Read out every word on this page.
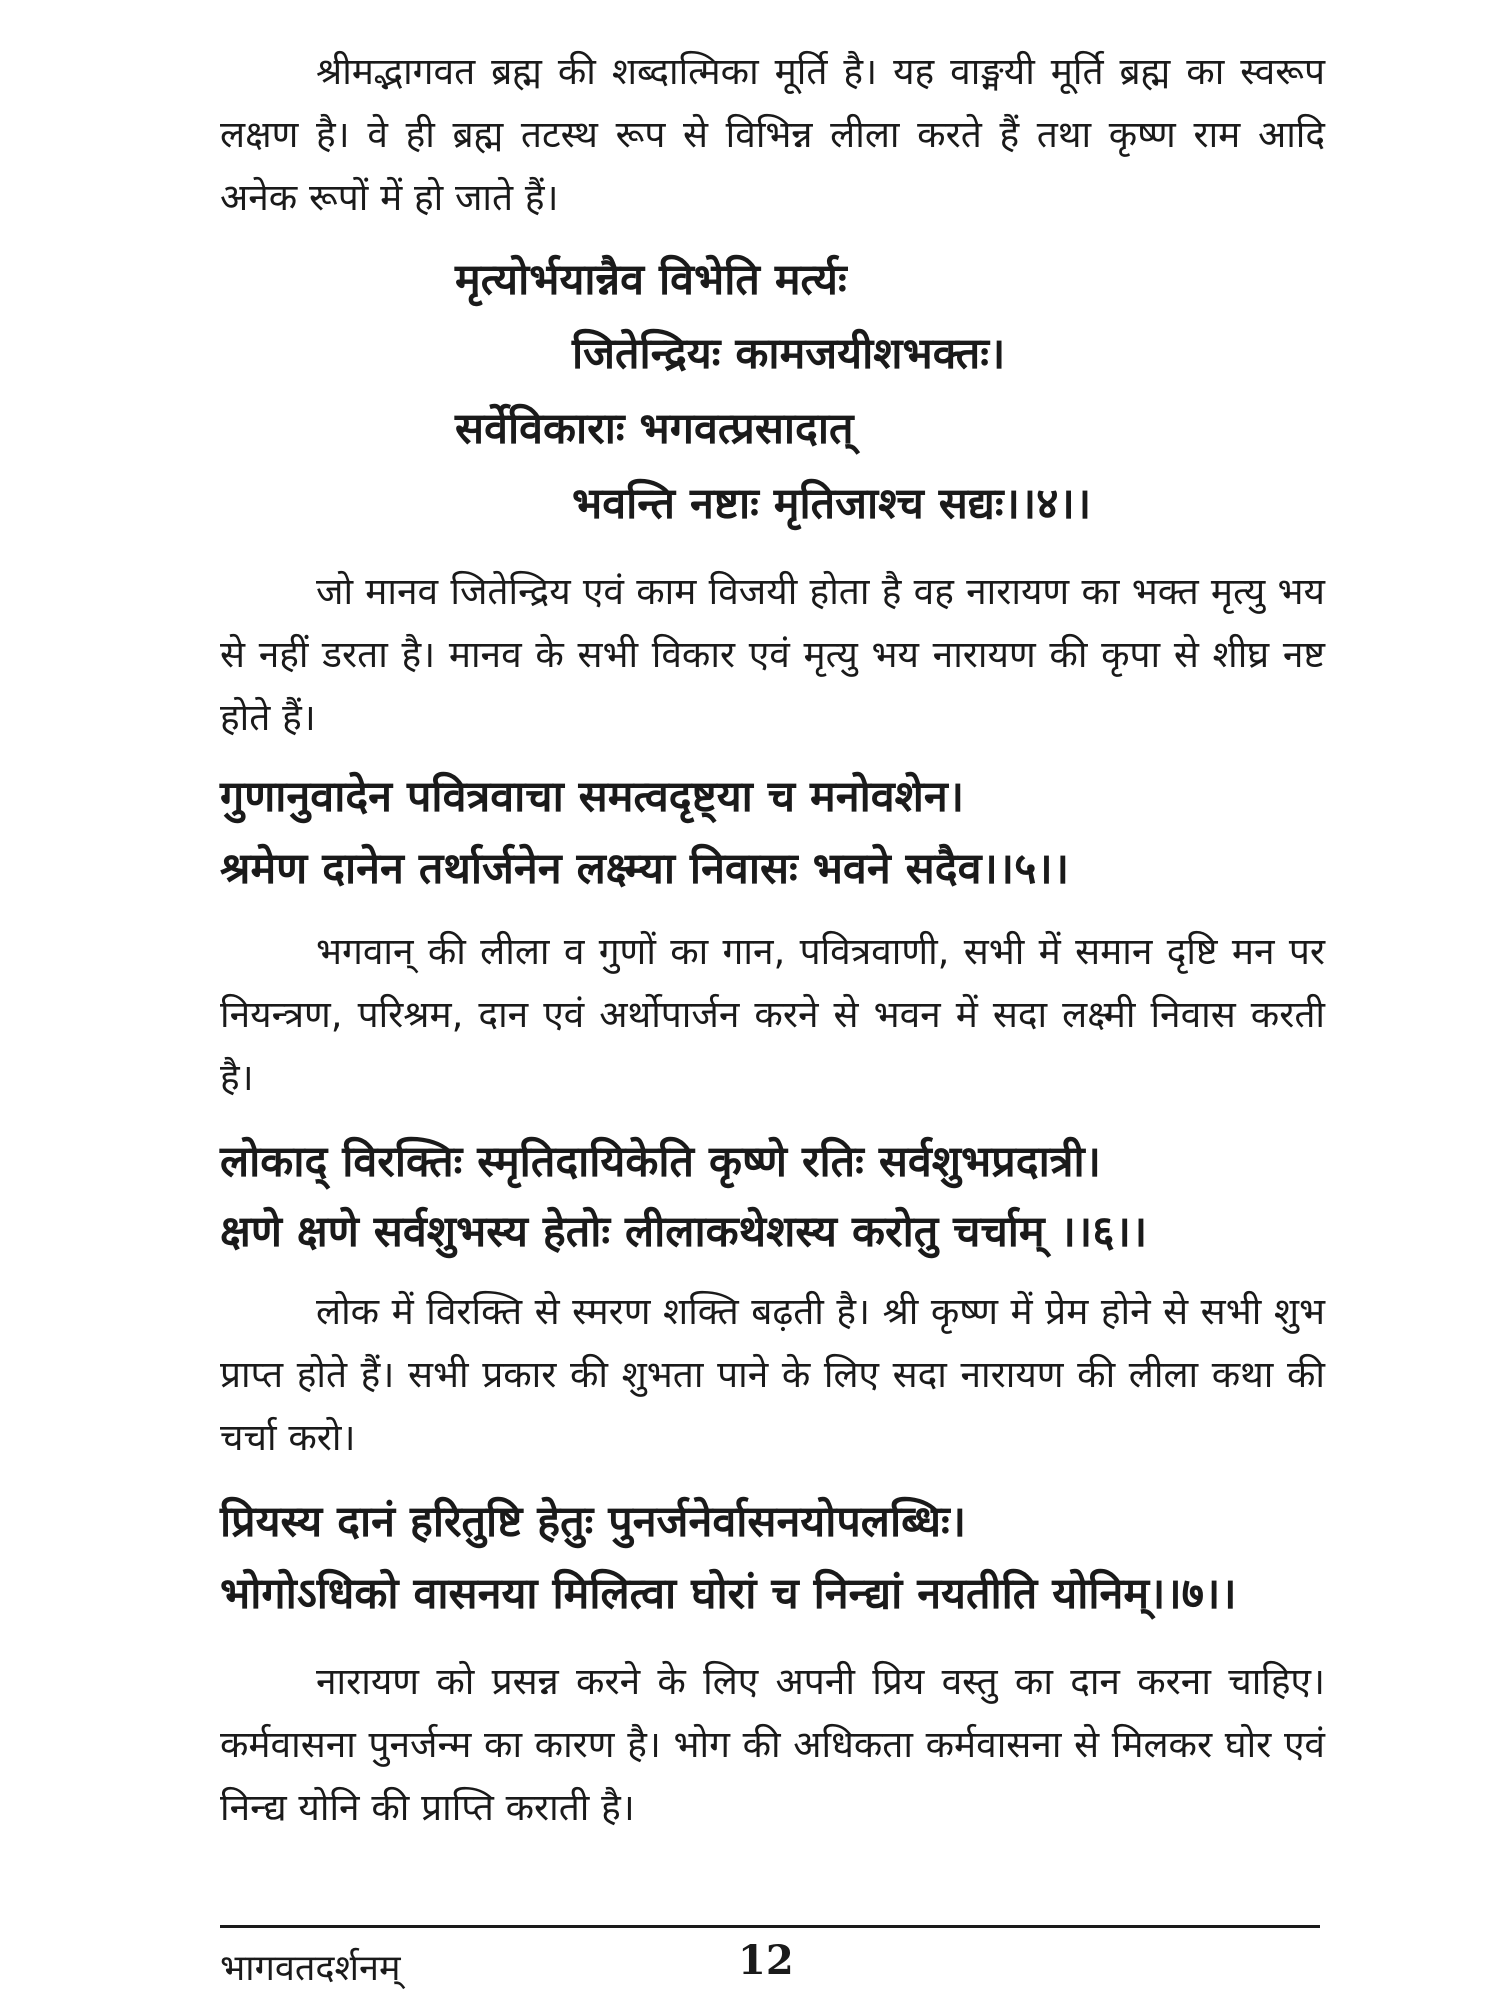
श्रीमद्भागवत ब्रह्म की शब्दात्मिका मूर्ति है। यह वाङ्मयी मूर्ति ब्रह्म का स्वरूप लक्षण है। वे ही ब्रह्म तटस्थ रूप से विभिन्न लीला करते हैं तथा कृष्ण राम आदि अनेक रूपों में हो जाते हैं।

मृत्योर्भयान्नैव विभेति मर्त्यः
जितेन्द्रियः कामजयीशभक्तः।
सर्वेविकाराः भगवत्प्रसादात्
भवन्ति नष्टाः मृतिजाश्च सद्यः।।४।।

जो मानव जितेन्द्रिय एवं काम विजयी होता है वह नारायण का भक्त मृत्यु भय से नहीं डरता है। मानव के सभी विकार एवं मृत्यु भय नारायण की कृपा से शीघ्र नष्ट होते हैं।

गुणानुवादेन पवित्रवाचा समत्वदृष्ट्या च मनोवशेन।
श्रमेण दानेन तर्थार्जनेन लक्ष्म्या निवासः भवने सदैव।।५।।

भगवान् की लीला व गुणों का गान, पवित्रवाणी, सभी में समान दृष्टि मन पर नियन्त्रण, परिश्रम, दान एवं अर्थोपार्जन करने से भवन में सदा लक्ष्मी निवास करती है।

लोकाद् विरक्तिः स्मृतिदायिकेति कृष्णे रतिः सर्वशुभप्रदात्री।
क्षणे क्षणे सर्वशुभस्य हेतोः लीलाकथेशस्य करोतु चर्चाम् ।।६।।

लोक में विरक्ति से स्मरण शक्ति बढ़ती है। श्री कृष्ण में प्रेम होने से सभी शुभ प्राप्त होते हैं। सभी प्रकार की शुभता पाने के लिए सदा नारायण की लीला कथा की चर्चा करो।

प्रियस्य दानं हरितुष्टि हेतुः पुनर्जनेर्वासनयोपलब्धिः।
भोगोऽधिको वासनया मिलित्वा घोरां च निन्द्यां नयतीति योनिम्।।७।।

नारायण को प्रसन्न करने के लिए अपनी प्रिय वस्तु का दान करना चाहिए। कर्मवासना पुनर्जन्म का कारण है। भोग की अधिकता कर्मवासना से मिलकर घोर एवं निन्द्य योनि की प्राप्ति कराती है।

भागवतदर्शनम्	12
